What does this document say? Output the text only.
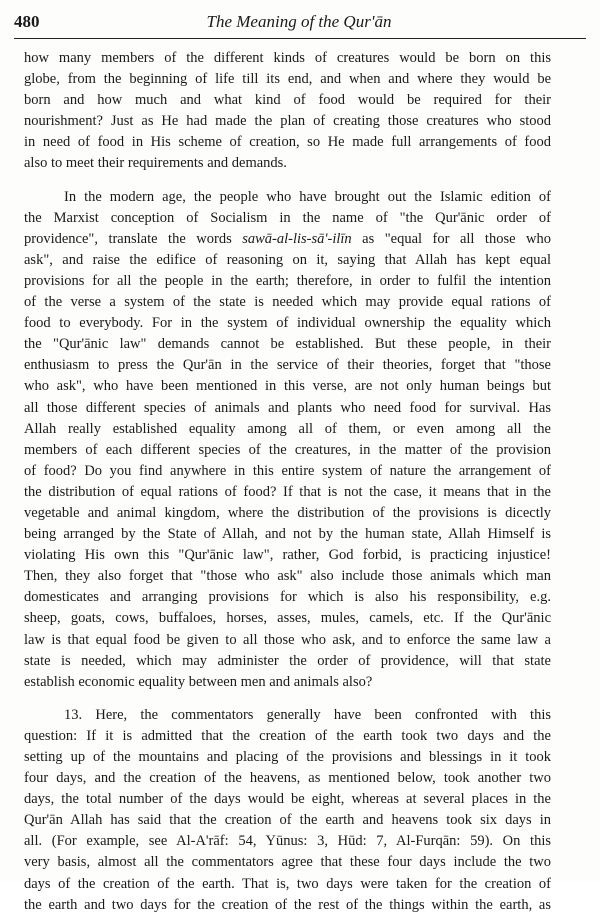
480	The Meaning of the Qur'ān
how many members of the different kinds of creatures would be born on this
globe, from the beginning of life till its end, and when and where they would be
born and how much and what kind of food would be required for their
nourishment? Just as He had made the plan of creating those creatures who stood
in need of food in His scheme of creation, so He made full arrangements of food
also to meet their requirements and demands.
In the modern age, the people who have brought out the Islamic edition of
the Marxist conception of Socialism in the name of "the Qur'ānic order of
providence", translate the words sawā-al-lis-sā'-ilīn as "equal for all those who
ask", and raise the edifice of reasoning on it, saying that Allah has kept equal
provisions for all the people in the earth; therefore, in order to fulfil the intention
of the verse a system of the state is needed which may provide equal rations of
food to everybody. For in the system of individual ownership the equality which
the "Qur'ānic law" demands cannot be established. But these people, in their
enthusiasm to press the Qur'ān in the service of their theories, forget that "those
who ask", who have been mentioned in this verse, are not only human beings but
all those different species of animals and plants who need food for survival. Has
Allah really established equality among all of them, or even among all the
members of each different species of the creatures, in the matter of the provision
of food? Do you find anywhere in this entire system of nature the arrangement of
the distribution of equal rations of food? If that is not the case, it means that in the
vegetable and animal kingdom, where the distribution of the provisions is dicectly
being arranged by the State of Allah, and not by the human state, Allah Himself is
violating His own this "Qur'ānic law", rather, God forbid, is practicing injustice!
Then, they also forget that "those who ask" also include those animals which man
domesticates and arranging provisions for which is also his responsibility, e.g.
sheep, goats, cows, buffaloes, horses, asses, mules, camels, etc. If the Qur'ānic
law is that equal food be given to all those who ask, and to enforce the same law a
state is needed, which may administer the order of providence, will that state
establish economic equality between men and animals also?
13. Here, the commentators generally have been confronted with this
question: If it is admitted that the creation of the earth took two days and the
setting up of the mountains and placing of the provisions and blessings in it took
four days, and the creation of the heavens, as mentioned below, took another two
days, the total number of the days would be eight, whereas at several places in the
Qur'ān Allah has said that the creation of the earth and heavens took six days in
all. (For example, see Al-A'rāf: 54, Yūnus: 3, Hūd: 7, Al-Furqān: 59). On this
very basis, almost all the commentators agree that these four days include the two
days of the creation of the earth. That is, two days were taken for the creation of
the earth and two days for the creation of the rest of the things within the earth, as
